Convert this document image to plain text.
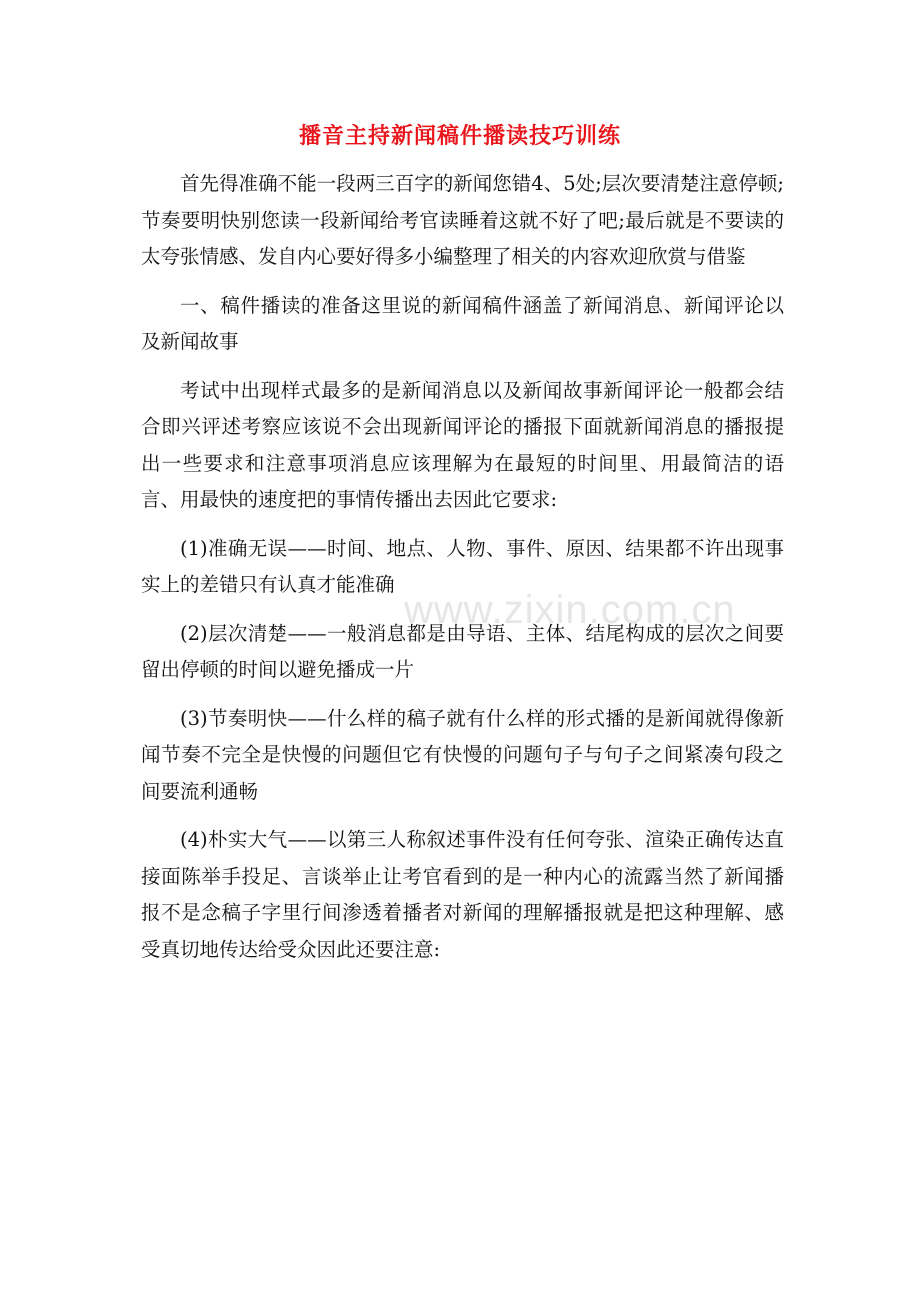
www.zixin.com.cn
播音主持新闻稿件播读技巧训练

首先得准确不能一段两三百字的新闻您错4、5处;层次要清楚注意停顿;节奏要明快别您读一段新闻给考官读睡着这就不好了吧;最后就是不要读的太夸张情感、发自内心要好得多小编整理了相关的内容欢迎欣赏与借鉴

一、稿件播读的准备这里说的新闻稿件涵盖了新闻消息、新闻评论以及新闻故事

考试中出现样式最多的是新闻消息以及新闻故事新闻评论一般都会结合即兴评述考察应该说不会出现新闻评论的播报下面就新闻消息的播报提出一些要求和注意事项消息应该理解为在最短的时间里、用最简洁的语言、用最快的速度把的事情传播出去因此它要求:

(1)准确无误——时间、地点、人物、事件、原因、结果都不许出现事实上的差错只有认真才能准确

(2)层次清楚——一般消息都是由导语、主体、结尾构成的层次之间要留出停顿的时间以避免播成一片

(3)节奏明快——什么样的稿子就有什么样的形式播的是新闻就得像新闻节奏不完全是快慢的问题但它有快慢的问题句子与句子之间紧凑句段之间要流利通畅

(4)朴实大气——以第三人称叙述事件没有任何夸张、渲染正确传达直接面陈举手投足、言谈举止让考官看到的是一种内心的流露当然了新闻播报不是念稿子字里行间渗透着播者对新闻的理解播报就是把这种理解、感受真切地传达给受众因此还要注意:
